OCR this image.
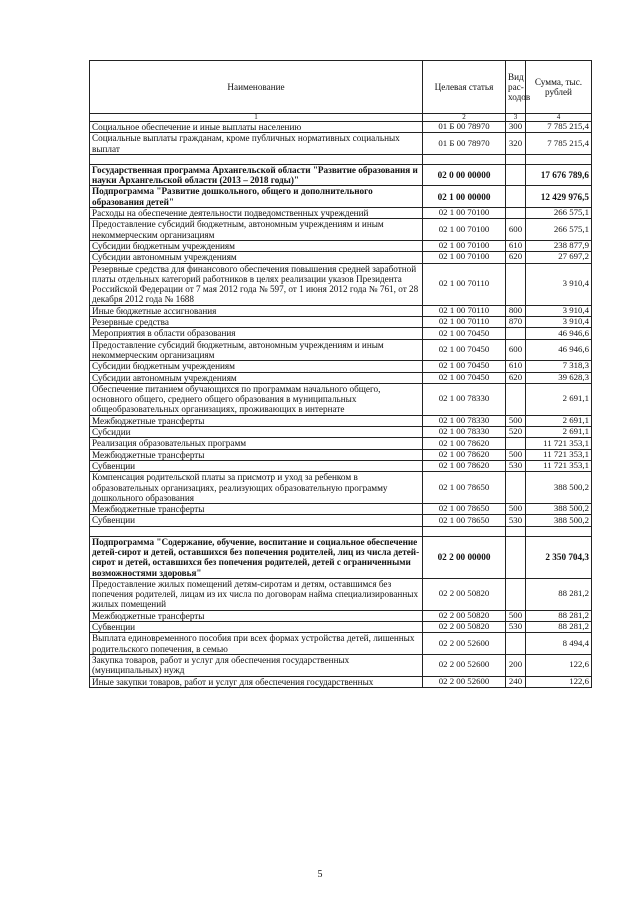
Наименование	Целевая статья	Вид рас-ходов	Сумма, тыс. рублей
1	2	3	4
Социальное обеспечение и иные выплаты населению	01 Б 00 78970	300	7 785 215,4
Социальные выплаты гражданам, кроме публичных нормативных социальных выплат	01 Б 00 78970	320	7 785 215,4

Государственная программа Архангельской области "Развитие образования и науки Архангельской области (2013 – 2018 годы)"	02 0 00 00000		17 676 789,6
Подпрограмма "Развитие дошкольного, общего и дополнительного образования детей"	02 1 00 00000		12 429 976,5
Расходы на обеспечение деятельности подведомственных учреждений	02 1 00 70100		266 575,1
Предоставление субсидий бюджетным, автономным учреждениям и иным некоммерческим организациям	02 1 00 70100	600	266 575,1
Субсидии бюджетным учреждениям	02 1 00 70100	610	238 877,9
Субсидии автономным учреждениям	02 1 00 70100	620	27 697,2
Резервные средства для финансового обеспечения повышения средней заработной платы отдельных категорий работников в целях реализации указов Президента Российской Федерации от 7 мая 2012 года № 597, от 1 июня 2012 года № 761, от 28 декабря 2012 года № 1688	02 1 00 70110		3 910,4
Иные бюджетные ассигнования	02 1 00 70110	800	3 910,4
Резервные средства	02 1 00 70110	870	3 910,4
Мероприятия в области образования	02 1 00 70450		46 946,6
Предоставление субсидий бюджетным, автономным учреждениям и иным некоммерческим организациям	02 1 00 70450	600	46 946,6
Субсидии бюджетным учреждениям	02 1 00 70450	610	7 318,3
Субсидии автономным учреждениям	02 1 00 70450	620	39 628,3
Обеспечение питанием обучающихся по программам начального общего, основного общего, среднего общего образования в муниципальных общеобразовательных организациях, проживающих в интернате	02 1 00 78330		2 691,1
Межбюджетные трансферты	02 1 00 78330	500	2 691,1
Субсидии	02 1 00 78330	520	2 691,1
Реализация образовательных программ	02 1 00 78620		11 721 353,1
Межбюджетные трансферты	02 1 00 78620	500	11 721 353,1
Субвенции	02 1 00 78620	530	11 721 353,1
Компенсация родительской платы за присмотр и уход за ребенком в образовательных организациях, реализующих образовательную программу дошкольного образования	02 1 00 78650		388 500,2
Межбюджетные трансферты	02 1 00 78650	500	388 500,2
Субвенции	02 1 00 78650	530	388 500,2

Подпрограмма "Содержание, обучение, воспитание и социальное обеспечение детей-сирот и детей, оставшихся без попечения родителей, лиц из числа детей-сирот и детей, оставшихся без попечения родителей, детей с ограниченными возможностями здоровья"	02 2 00 00000		2 350 704,3
Предоставление жилых помещений детям-сиротам и детям, оставшимся без попечения родителей, лицам из их числа по договорам найма специализированных жилых помещений	02 2 00 50820		88 281,2
Межбюджетные трансферты	02 2 00 50820	500	88 281,2
Субвенции	02 2 00 50820	530	88 281,2
Выплата единовременного пособия при всех формах устройства детей, лишенных родительского попечения, в семью	02 2 00 52600		8 494,4
Закупка товаров, работ и услуг для обеспечения государственных (муниципальных) нужд	02 2 00 52600	200	122,6
Иные закупки товаров, работ и услуг для обеспечения государственных	02 2 00 52600	240	122,6
5
